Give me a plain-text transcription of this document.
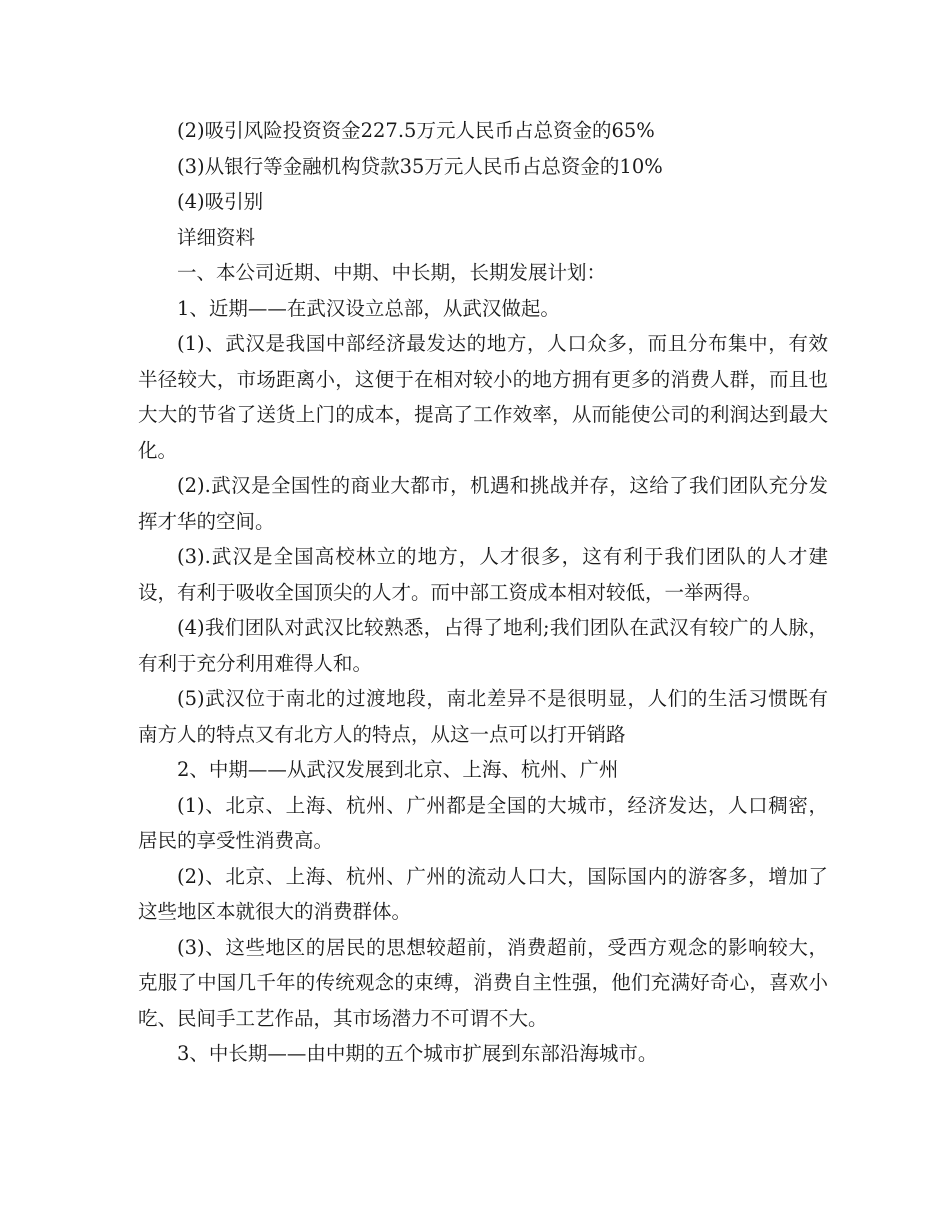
(2)吸引风险投资资金227.5万元人民币占总资金的65%

(3)从银行等金融机构贷款35万元人民币占总资金的10%

(4)吸引别

详细资料

一、本公司近期、中期、中长期，长期发展计划：

1、近期——在武汉设立总部，从武汉做起。

(1)、武汉是我国中部经济最发达的地方，人口众多，而且分布集中，有效半径较大，市场距离小，这便于在相对较小的地方拥有更多的消费人群，而且也大大的节省了送货上门的成本，提高了工作效率，从而能使公司的利润达到最大化。

(2).武汉是全国性的商业大都市，机遇和挑战并存，这给了我们团队充分发挥才华的空间。

(3).武汉是全国高校林立的地方，人才很多，这有利于我们团队的人才建设，有利于吸收全国顶尖的人才。而中部工资成本相对较低，一举两得。

(4)我们团队对武汉比较熟悉，占得了地利;我们团队在武汉有较广的人脉，有利于充分利用难得人和。

(5)武汉位于南北的过渡地段，南北差异不是很明显，人们的生活习惯既有南方人的特点又有北方人的特点，从这一点可以打开销路

2、中期——从武汉发展到北京、上海、杭州、广州

(1)、北京、上海、杭州、广州都是全国的大城市，经济发达，人口稠密，居民的享受性消费高。

(2)、北京、上海、杭州、广州的流动人口大，国际国内的游客多，增加了这些地区本就很大的消费群体。

(3)、这些地区的居民的思想较超前，消费超前，受西方观念的影响较大，克服了中国几千年的传统观念的束缚，消费自主性强，他们充满好奇心，喜欢小吃、民间手工艺作品，其市场潜力不可谓不大。

3、中长期——由中期的五个城市扩展到东部沿海城市。
